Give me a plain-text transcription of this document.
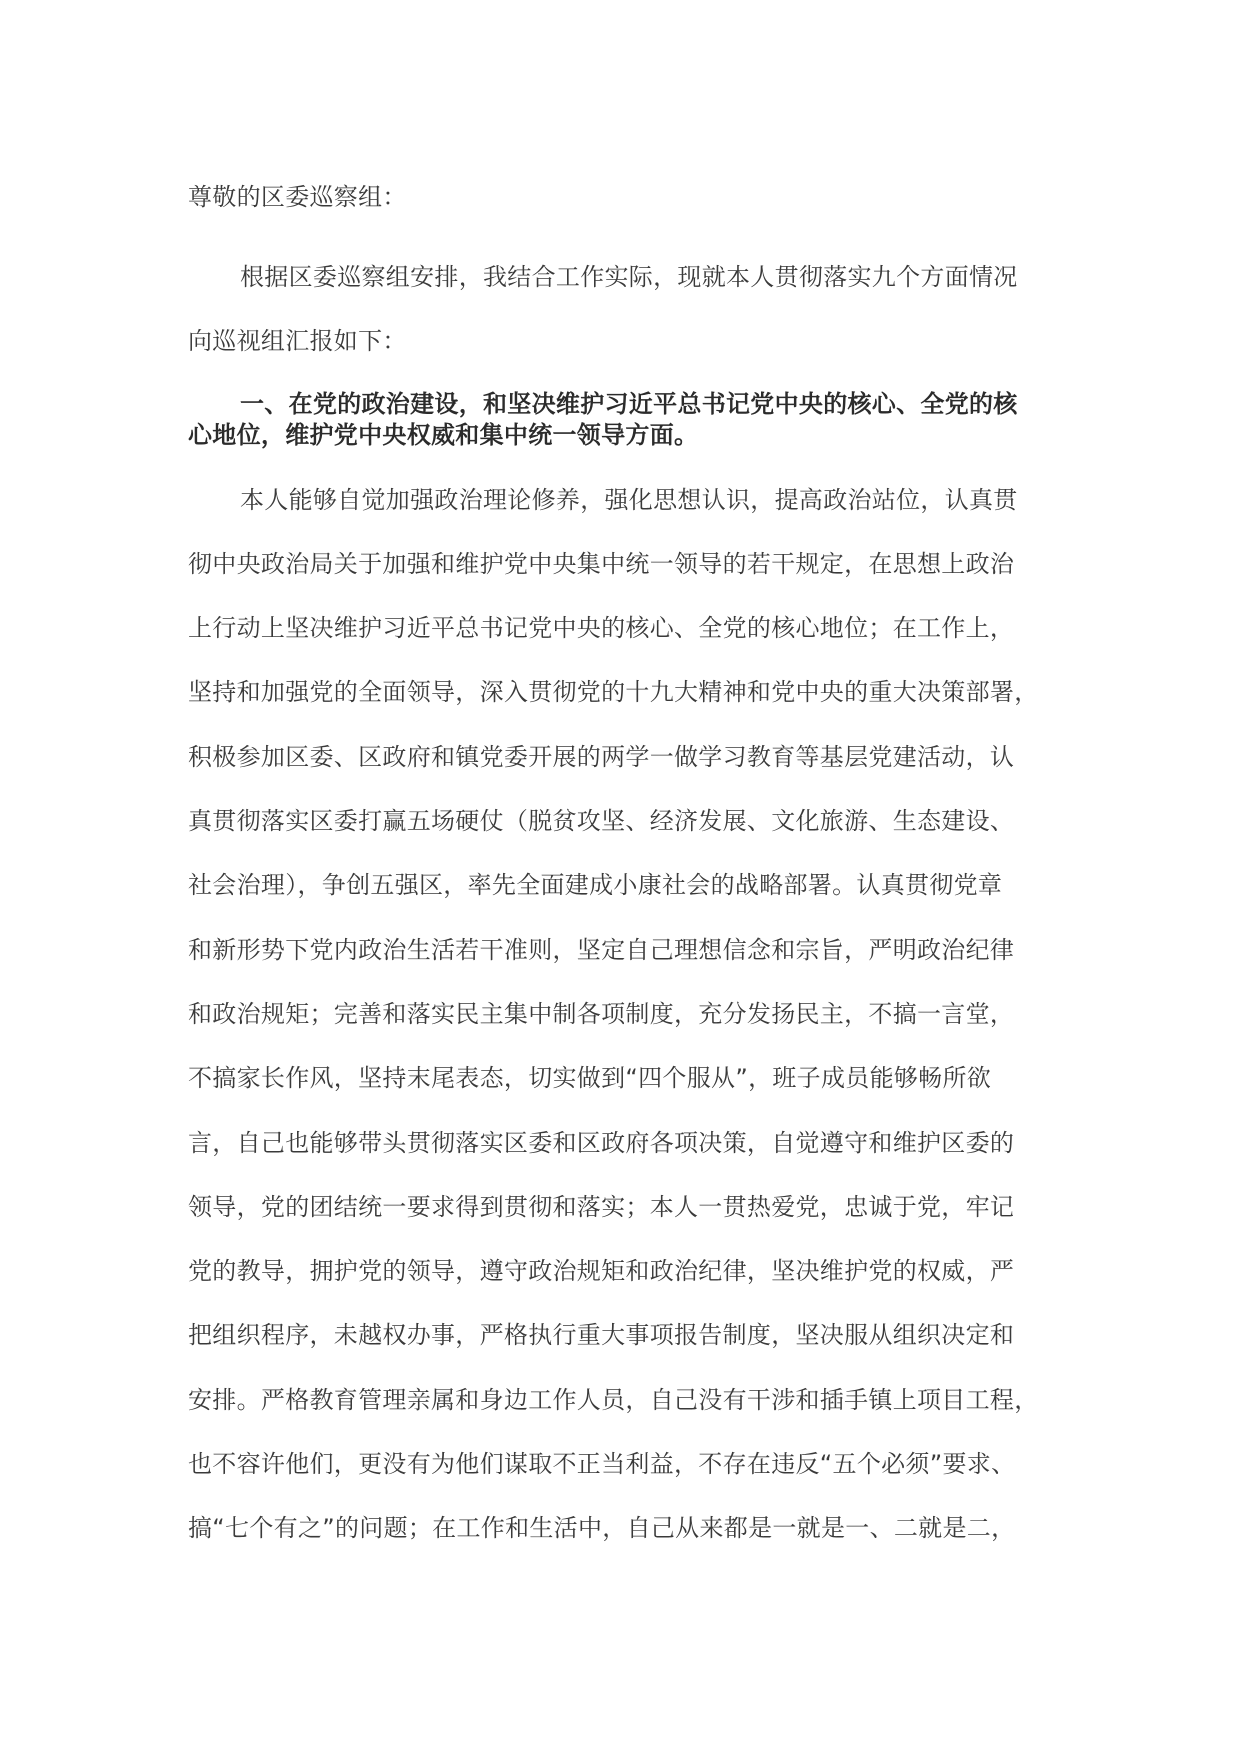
尊敬的区委巡察组：
根据区委巡察组安排，我结合工作实际，现就本人贯彻落实九个方面情况
向巡视组汇报如下：
一、在党的政治建设，和坚决维护习近平总书记党中央的核心、全党的核
心地位，维护党中央权威和集中统一领导方面。
本人能够自觉加强政治理论修养，强化思想认识，提高政治站位，认真贯
彻中央政治局关于加强和维护党中央集中统一领导的若干规定，在思想上政治
上行动上坚决维护习近平总书记党中央的核心、全党的核心地位；在工作上，
坚持和加强党的全面领导，深入贯彻党的十九大精神和党中央的重大决策部署，
积极参加区委、区政府和镇党委开展的两学一做学习教育等基层党建活动，认
真贯彻落实区委打赢五场硬仗（脱贫攻坚、经济发展、文化旅游、生态建设、
社会治理），争创五强区，率先全面建成小康社会的战略部署。认真贯彻党章
和新形势下党内政治生活若干准则，坚定自己理想信念和宗旨，严明政治纪律
和政治规矩；完善和落实民主集中制各项制度，充分发扬民主，不搞一言堂，
不搞家长作风，坚持末尾表态，切实做到“四个服从”，班子成员能够畅所欲
言，自己也能够带头贯彻落实区委和区政府各项决策，自觉遵守和维护区委的
领导，党的团结统一要求得到贯彻和落实；本人一贯热爱党，忠诚于党，牢记
党的教导，拥护党的领导，遵守政治规矩和政治纪律，坚决维护党的权威，严
把组织程序，未越权办事，严格执行重大事项报告制度，坚决服从组织决定和
安排。严格教育管理亲属和身边工作人员，自己没有干涉和插手镇上项目工程，
也不容许他们，更没有为他们谋取不正当利益，不存在违反“五个必须”要求、
搞“七个有之”的问题；在工作和生活中，自己从来都是一就是一、二就是二，
